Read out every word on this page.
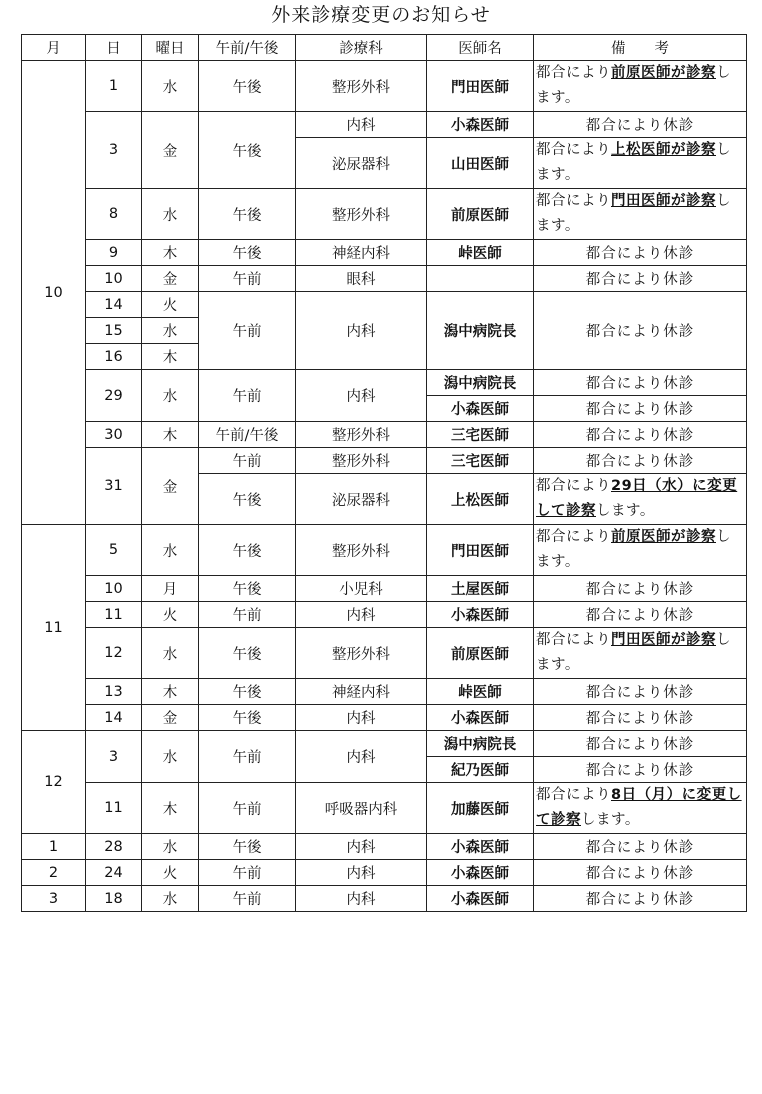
外来診療変更のお知らせ
月	日	曜日	午前/午後	診療科	医師名	備　　考
10	1	水	午後	整形外科	門田医師	都合により前原医師が診察します。
	3	金	午後	内科	小森医師	都合により休診
				泌尿器科	山田医師	都合により上松医師が診察します。
	8	水	午後	整形外科	前原医師	都合により門田医師が診察します。
	9	木	午後	神経内科	峠医師	都合により休診
	10	金	午前	眼科		都合により休診
	14	火	午前	内科	潟中病院長	都合により休診
	15	水				
	16	木				
	29	水	午前	内科	潟中病院長	都合により休診
					小森医師	都合により休診
	30	木	午前/午後	整形外科	三宅医師	都合により休診
	31	金	午前	整形外科	三宅医師	都合により休診
			午後	泌尿器科	上松医師	都合により29日（水）に変更して診察します。
11	5	水	午後	整形外科	門田医師	都合により前原医師が診察します。
	10	月	午後	小児科	土屋医師	都合により休診
	11	火	午前	内科	小森医師	都合により休診
	12	水	午後	整形外科	前原医師	都合により門田医師が診察します。
	13	木	午後	神経内科	峠医師	都合により休診
	14	金	午後	内科	小森医師	都合により休診
12	3	水	午前	内科	潟中病院長	都合により休診
					紀乃医師	都合により休診
	11	木	午前	呼吸器内科	加藤医師	都合により8日（月）に変更して診察します。
1	28	水	午後	内科	小森医師	都合により休診
2	24	火	午前	内科	小森医師	都合により休診
3	18	水	午前	内科	小森医師	都合により休診
